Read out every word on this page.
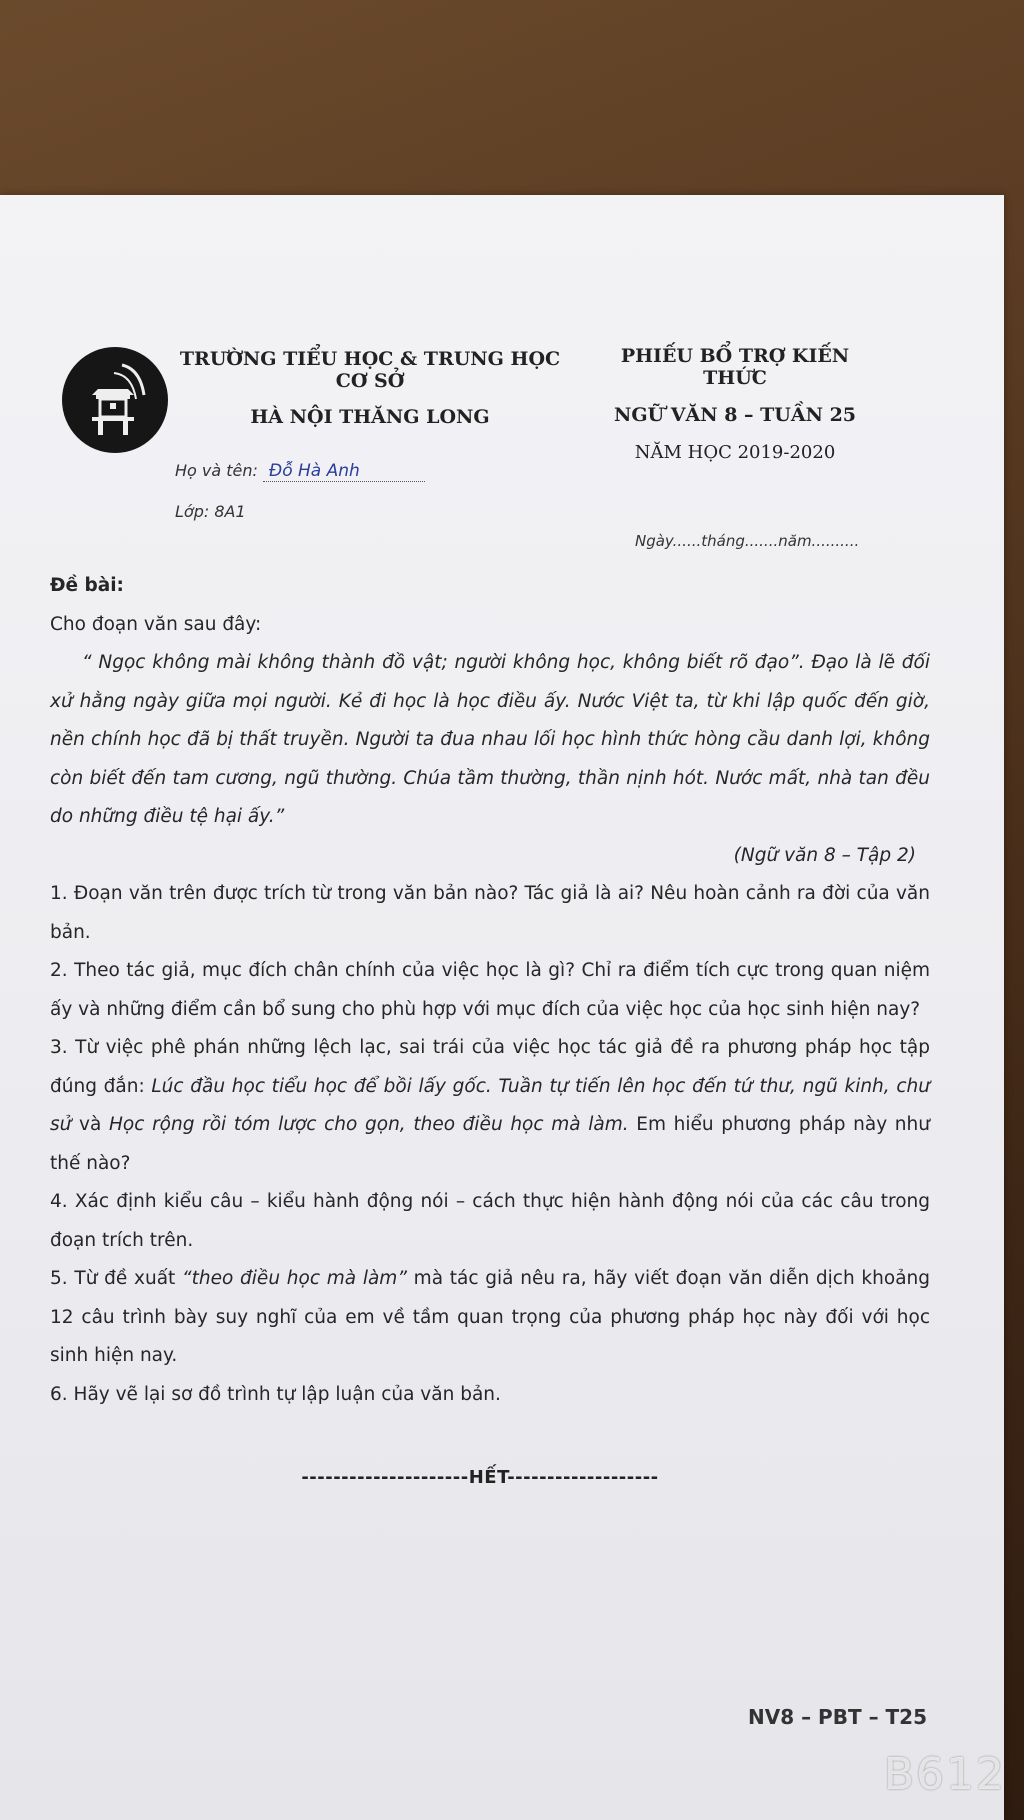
TRƯỜNG TIỂU HỌC & TRUNG HỌC CƠ SỞ
HÀ NỘI THĂNG LONG
PHIẾU BỔ TRỢ KIẾN THỨC
NGỮ VĂN 8 – TUẦN 25
NĂM HỌC 2019-2020
Họ và tên: Đỗ Hà Anh
Lớp: 8A1
Ngày......tháng.......năm..........

Đề bài:

Cho đoạn văn sau đây:

“ Ngọc không mài không thành đồ vật; người không học, không biết rõ đạo”. Đạo là lẽ đối xử hằng ngày giữa mọi người. Kẻ đi học là học điều ấy. Nước Việt ta, từ khi lập quốc đến giờ, nền chính học đã bị thất truyền. Người ta đua nhau lối học hình thức hòng cầu danh lợi, không còn biết đến tam cương, ngũ thường. Chúa tầm thường, thần nịnh hót. Nước mất, nhà tan đều do những điều tệ hại ấy.”

(Ngữ văn 8 – Tập 2)

1. Đoạn văn trên được trích từ trong văn bản nào? Tác giả là ai? Nêu hoàn cảnh ra đời của văn bản.

2. Theo tác giả, mục đích chân chính của việc học là gì? Chỉ ra điểm tích cực trong quan niệm ấy và những điểm cần bổ sung cho phù hợp với mục đích của việc học của học sinh hiện nay?

3. Từ việc phê phán những lệch lạc, sai trái của việc học tác giả đề ra phương pháp học tập đúng đắn: Lúc đầu học tiểu học để bồi lấy gốc. Tuần tự tiến lên học đến tứ thư, ngũ kinh, chư sử và Học rộng rồi tóm lược cho gọn, theo điều học mà làm. Em hiểu phương pháp này như thế nào?

4. Xác định kiểu câu – kiểu hành động nói – cách thực hiện hành động nói của các câu trong đoạn trích trên.

5. Từ đề xuất “theo điều học mà làm” mà tác giả nêu ra, hãy viết đoạn văn diễn dịch khoảng 12 câu trình bày suy nghĩ của em về tầm quan trọng của phương pháp học này đối với học sinh hiện nay.

6. Hãy vẽ lại sơ đồ trình tự lập luận của văn bản.

---------------------HẾT-------------------
NV8 – PBT – T25
B612
